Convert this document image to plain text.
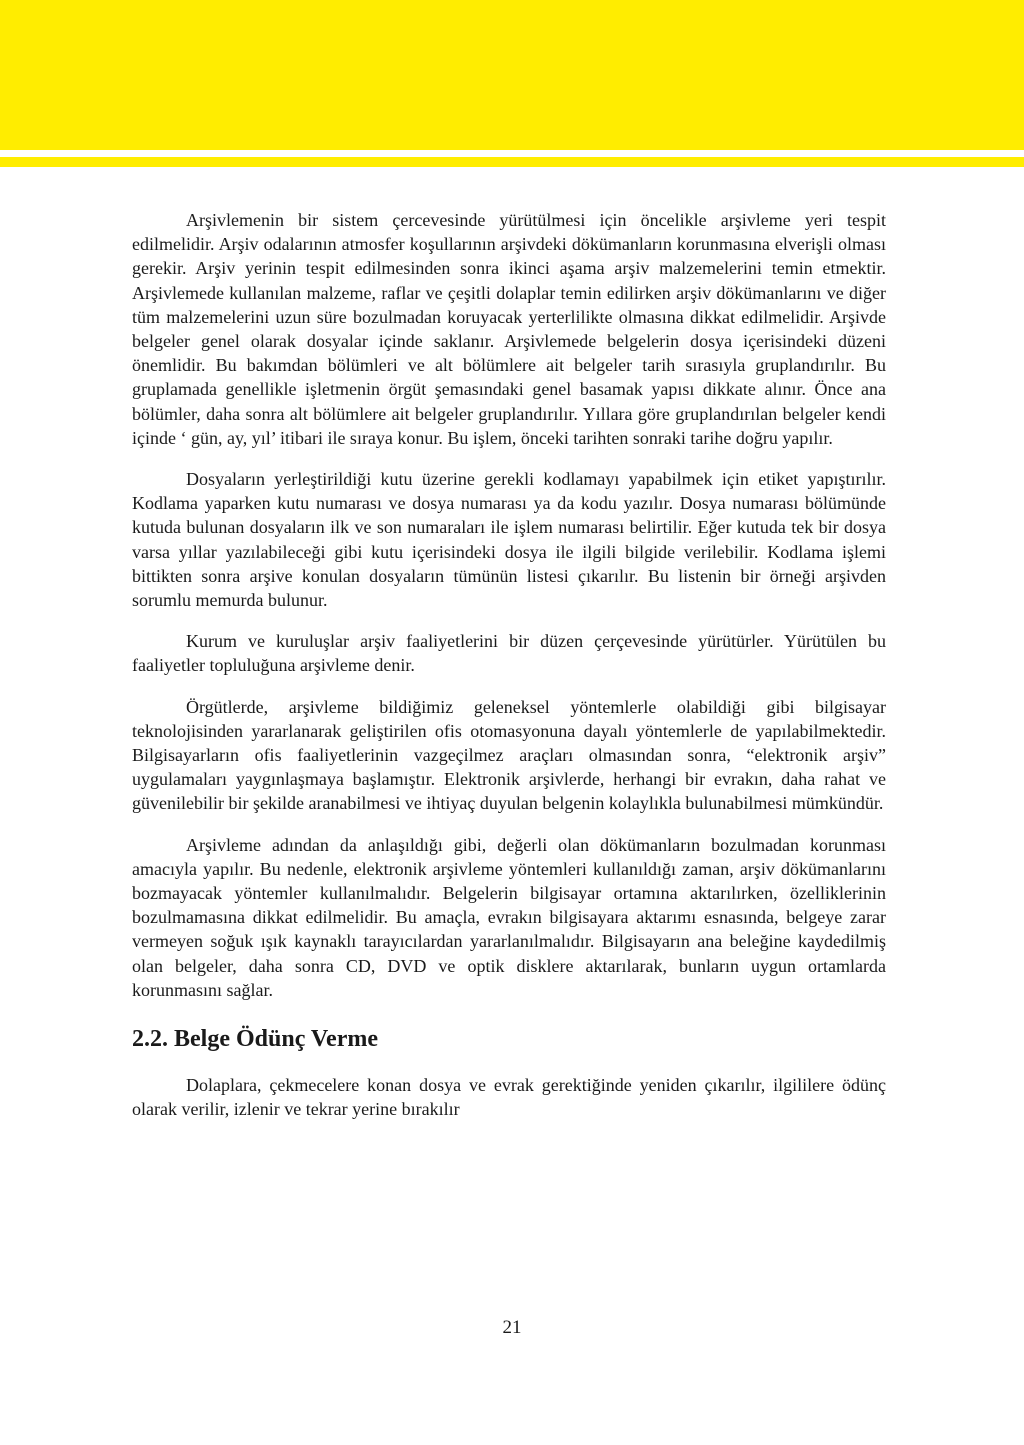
Arşivlemenin bir sistem çercevesinde yürütülmesi için öncelikle arşivleme yeri tespit edilmelidir. Arşiv odalarının atmosfer koşullarının arşivdeki dökümanların korunmasına elverişli olması gerekir. Arşiv yerinin tespit edilmesinden sonra ikinci aşama arşiv malzemelerini temin etmektir. Arşivlemede kullanılan malzeme, raflar ve çeşitli dolaplar temin edilirken arşiv dökümanlarını ve diğer tüm malzemelerini uzun süre bozulmadan koruyacak yerterlilikte olmasına dikkat edilmelidir. Arşivde belgeler genel olarak dosyalar içinde saklanır. Arşivlemede belgelerin dosya içerisindeki düzeni önemlidir. Bu bakımdan bölümleri ve alt bölümlere ait belgeler tarih sırasıyla gruplandırılır. Bu gruplamada genellikle işletmenin örgüt şemasındaki genel basamak yapısı dikkate alınır. Önce ana bölümler, daha sonra alt bölümlere ait belgeler gruplandırılır. Yıllara göre gruplandırılan belgeler kendi içinde ‘ gün, ay, yıl’ itibari ile sıraya konur. Bu işlem, önceki tarihten sonraki tarihe doğru yapılır.

Dosyaların yerleştirildiği kutu üzerine gerekli kodlamayı yapabilmek için etiket yapıştırılır. Kodlama yaparken kutu numarası ve dosya numarası ya da kodu yazılır. Dosya numarası bölümünde kutuda bulunan dosyaların ilk ve son numaraları ile işlem numarası belirtilir. Eğer kutuda tek bir dosya varsa yıllar yazılabileceği gibi kutu içerisindeki dosya ile ilgili bilgide verilebilir. Kodlama işlemi bittikten sonra arşive konulan dosyaların tümünün listesi çıkarılır. Bu listenin bir örneği arşivden sorumlu memurda bulunur.

Kurum ve kuruluşlar arşiv faaliyetlerini bir düzen çerçevesinde yürütürler. Yürütülen bu faaliyetler topluluğuna arşivleme denir.

Örgütlerde, arşivleme bildiğimiz geleneksel yöntemlerle olabildiği gibi bilgisayar teknolojisinden yararlanarak geliştirilen ofis otomasyonuna dayalı yöntemlerle de yapılabilmektedir. Bilgisayarların ofis faaliyetlerinin vazgeçilmez araçları olmasından sonra, “elektronik arşiv” uygulamaları yaygınlaşmaya başlamıştır. Elektronik arşivlerde, herhangi bir evrakın, daha rahat ve güvenilebilir bir şekilde aranabilmesi ve ihtiyaç duyulan belgenin kolaylıkla bulunabilmesi mümkündür.

Arşivleme adından da anlaşıldığı gibi, değerli olan dökümanların bozulmadan korunması amacıyla yapılır. Bu nedenle, elektronik arşivleme yöntemleri kullanıldığı zaman, arşiv dökümanlarını bozmayacak yöntemler kullanılmalıdır. Belgelerin bilgisayar ortamına aktarılırken, özelliklerinin bozulmamasına dikkat edilmelidir. Bu amaçla, evrakın bilgisayara aktarımı esnasında, belgeye zarar vermeyen soğuk ışık kaynaklı tarayıcılardan yararlanılmalıdır. Bilgisayarın ana beleğine kaydedilmiş olan belgeler, daha sonra CD, DVD ve optik disklere aktarılarak, bunların uygun ortamlarda korunmasını sağlar.

2.2. Belge Ödünç Verme

Dolaplara, çekmecelere konan dosya ve evrak gerektiğinde yeniden çıkarılır, ilgililere ödünç olarak verilir, izlenir ve tekrar yerine bırakılır

21
